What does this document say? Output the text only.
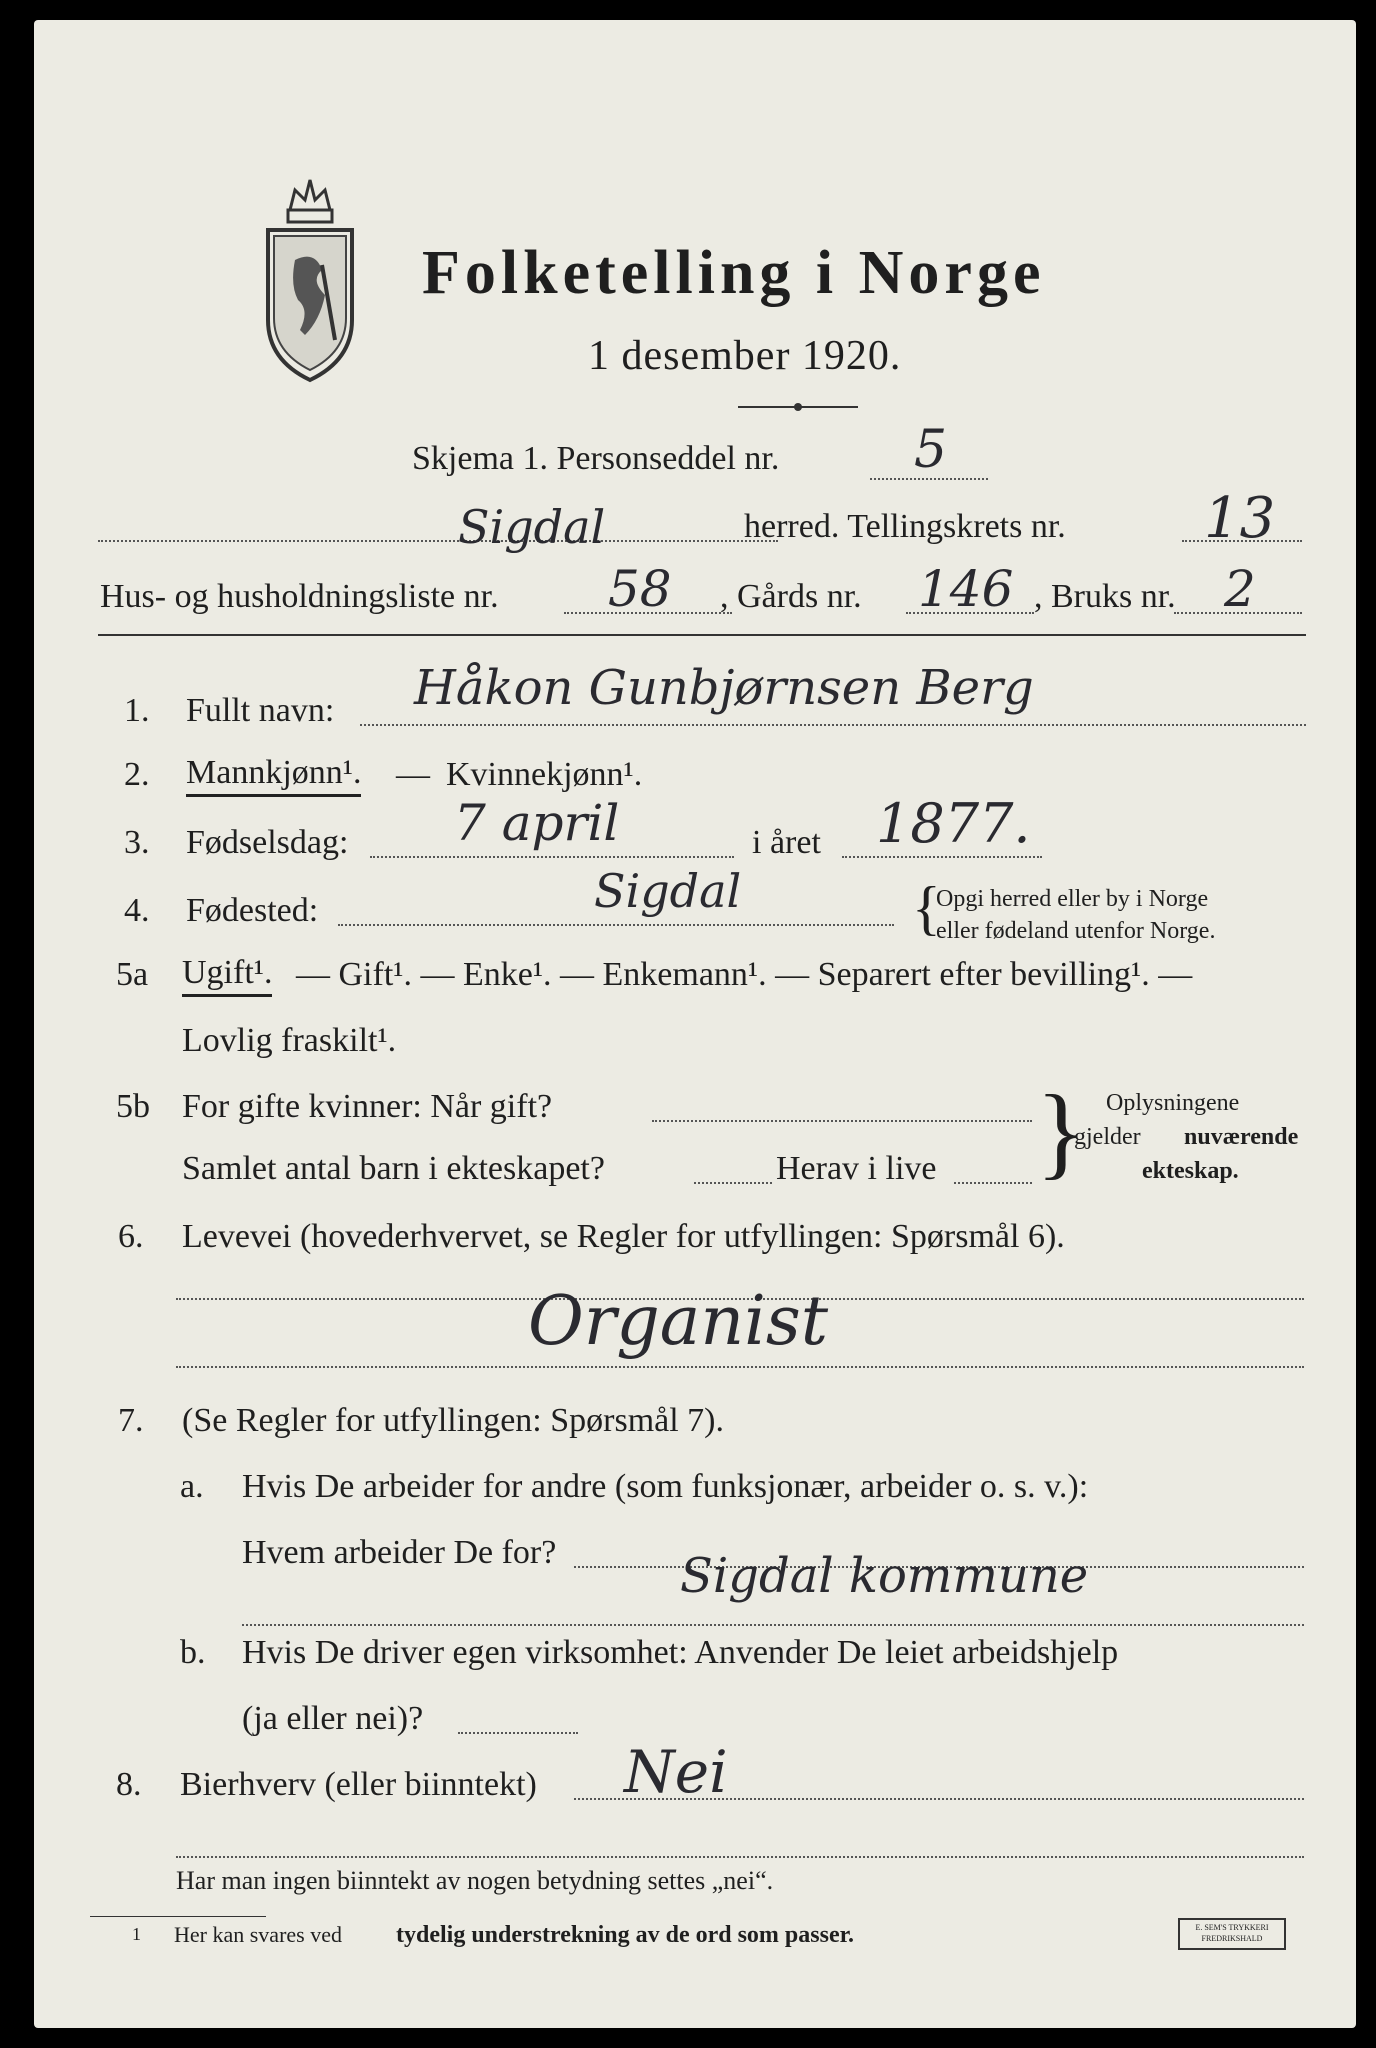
Folketelling i Norge
1 desember 1920.
Skjema 1. Personseddel nr.	5
Sigdal	herred. Tellingskrets nr. 13
Hus- og husholdningsliste nr. 58 , Gårds nr. 146 , Bruks nr. 2
1. Fullt navn: Håkon Gunbjørnsen Berg
2. Mannkjønn¹. — Kvinnekjønn¹.
3. Fødselsdag: 7 april	i året 1877.
4. Fødested:	Sigdal	{
Opgi herred eller by i Norge
eller fødeland utenfor Norge.
5a Ugift¹. — Gift¹. — Enke¹. — Enkemann¹. — Separert efter bevilling¹. —
Lovlig fraskilt¹.
5b For gifte kvinner: Når gift?
Samlet antal barn i ekteskapet?	Herav i live } Oplysningene
gjelder nuværende
ekteskap.
6. Levevei (hovederhvervet, se Regler for utfyllingen: Spørsmål 6).
Organist
7. (Se Regler for utfyllingen: Spørsmål 7).
a. Hvis De arbeider for andre (som funksjonær, arbeider o. s. v.):
Hvem arbeider De for?	Sigdal kommune
b. Hvis De driver egen virksomhet: Anvender De leiet arbeidshjelp
(ja eller nei)?
8. Bierhverv (eller biinntekt) Nei
Har man ingen biinntekt av nogen betydning settes „nei“.
1 Her kan svares ved tydelig understrekning av de ord som passer.	E. SEM'S TRYKKERI
FREDRIKSHALD
